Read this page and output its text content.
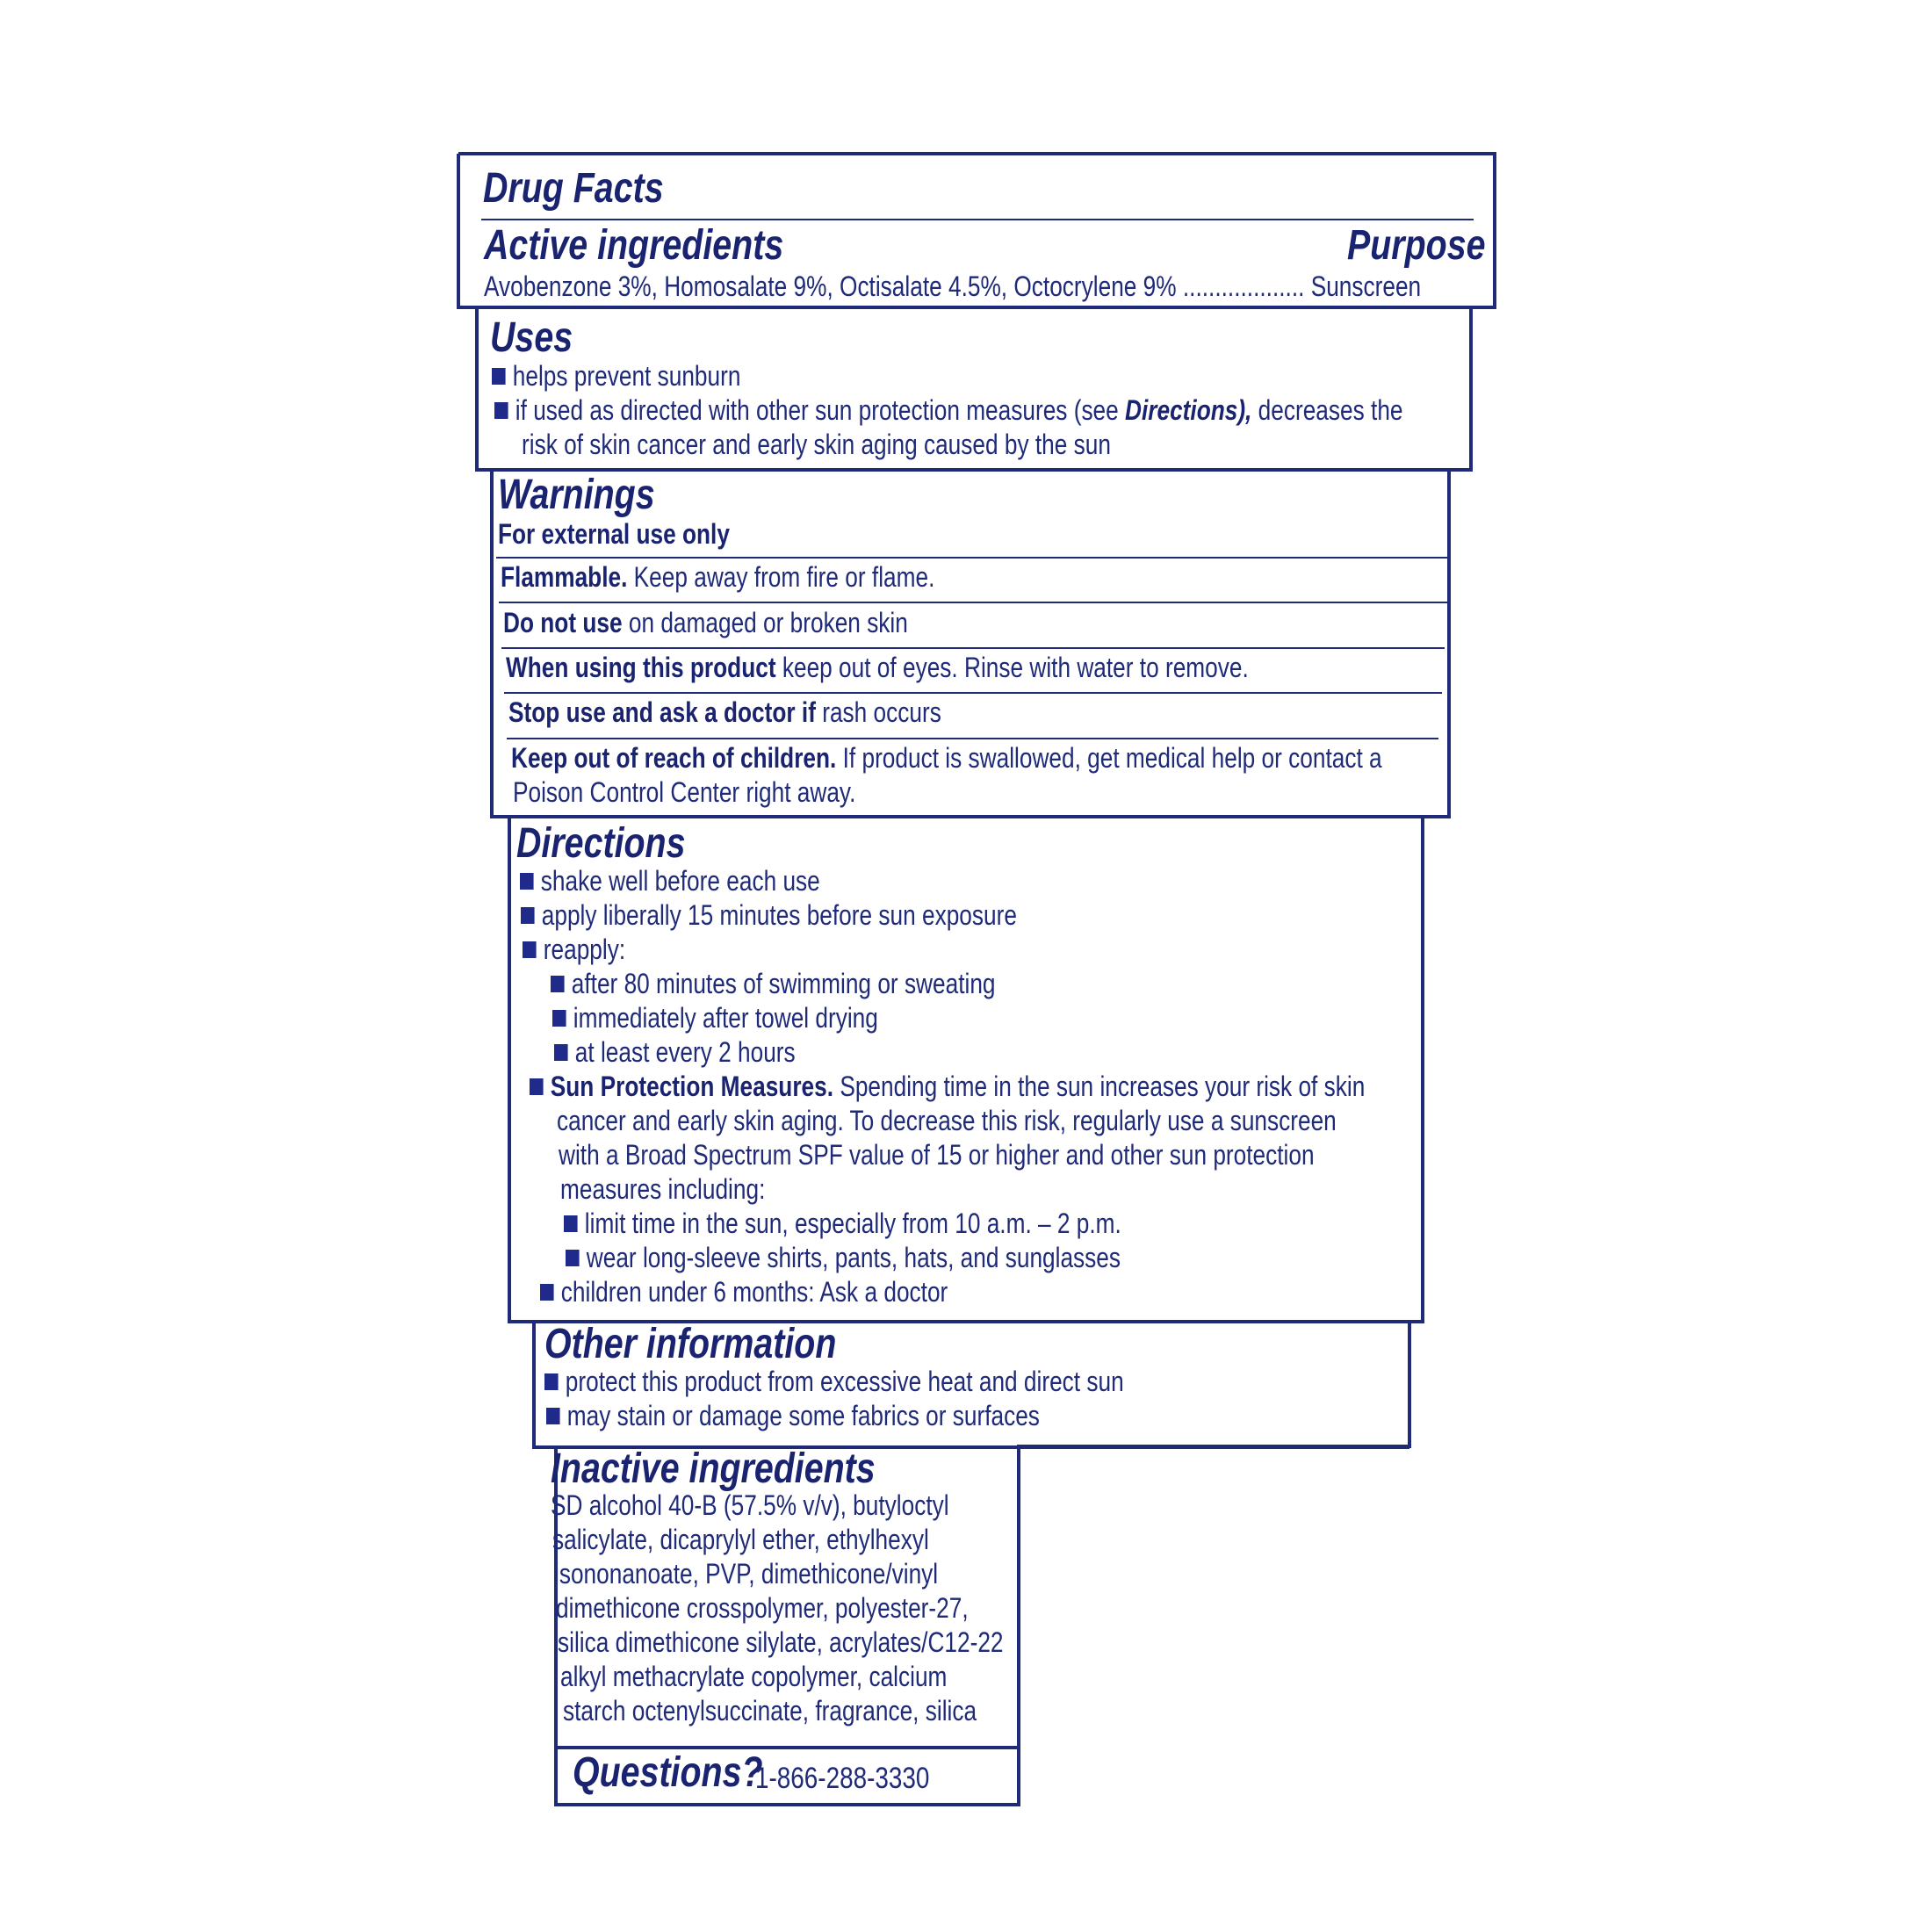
Drug Facts
Active ingredients	Purpose
Avobenzone 3%, Homosalate 9%, Octisalate 4.5%, Octocrylene 9% ................... Sunscreen
Uses
helps prevent sunburn
if used as directed with other sun protection measures (see Directions), decreases the
risk of skin cancer and early skin aging caused by the sun
Warnings
For external use only
Flammable. Keep away from fire or flame.
Do not use on damaged or broken skin
When using this product keep out of eyes. Rinse with water to remove.
Stop use and ask a doctor if rash occurs
Keep out of reach of children. If product is swallowed, get medical help or contact a
Poison Control Center right away.
Directions
shake well before each use
apply liberally 15 minutes before sun exposure
reapply:
after 80 minutes of swimming or sweating
immediately after towel drying
at least every 2 hours
Sun Protection Measures. Spending time in the sun increases your risk of skin
cancer and early skin aging. To decrease this risk, regularly use a sunscreen
with a Broad Spectrum SPF value of 15 or higher and other sun protection
measures including:
limit time in the sun, especially from 10 a.m. – 2 p.m.
wear long-sleeve shirts, pants, hats, and sunglasses
children under 6 months: Ask a doctor
Other information
protect this product from excessive heat and direct sun
may stain or damage some fabrics or surfaces
Inactive ingredients
SD alcohol 40-B (57.5% v/v), butyloctyl
salicylate, dicaprylyl ether, ethylhexyl
isononanoate, PVP, dimethicone/vinyl
dimethicone crosspolymer, polyester-27,
silica dimethicone silylate, acrylates/C12-22
alkyl methacrylate copolymer, calcium
starch octenylsuccinate, fragrance, silica
Questions?
1-866-288-3330
